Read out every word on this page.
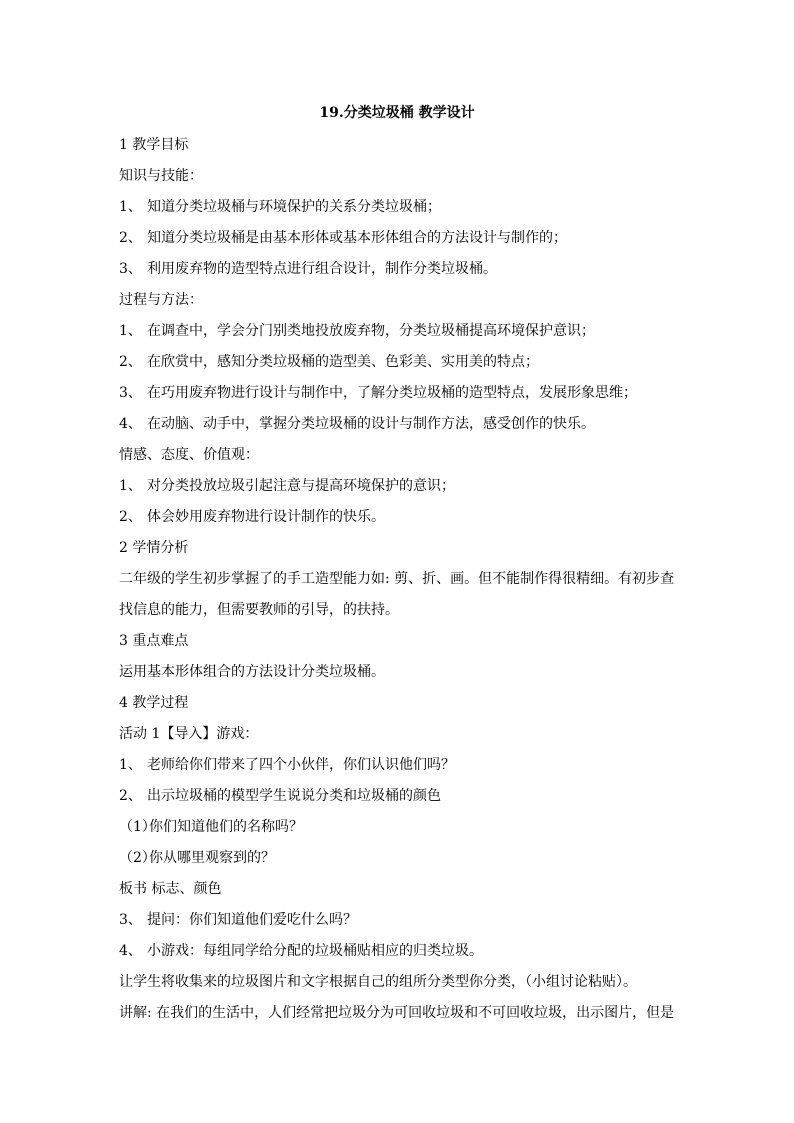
19.分类垃圾桶 教学设计
1 教学目标
知识与技能：
1、 知道分类垃圾桶与环境保护的关系分类垃圾桶；
2、 知道分类垃圾桶是由基本形体或基本形体组合的方法设计与制作的；
3、 利用废弃物的造型特点进行组合设计，制作分类垃圾桶。
过程与方法：
1、 在调查中，学会分门别类地投放废弃物，分类垃圾桶提高环境保护意识；
2、 在欣赏中，感知分类垃圾桶的造型美、色彩美、实用美的特点；
3、 在巧用废弃物进行设计与制作中，了解分类垃圾桶的造型特点，发展形象思维；
4、 在动脑、动手中，掌握分类垃圾桶的设计与制作方法，感受创作的快乐。
情感、态度、价值观：
1、 对分类投放垃圾引起注意与提高环境保护的意识；
2、 体会妙用废弃物进行设计制作的快乐。
2 学情分析
二年级的学生初步掌握了的手工造型能力如: 剪、折、画。但不能制作得很精细。有初步查
找信息的能力，但需要教师的引导，的扶持。
3 重点难点
运用基本形体组合的方法设计分类垃圾桶。
4 教学过程
活动 1【导入】游戏：
1、 老师给你们带来了四个小伙伴，你们认识他们吗？
2、 出示垃圾桶的模型学生说说分类和垃圾桶的颜色
（1）你们知道他们的名称吗？
（2）你从哪里观察到的？
板书 标志、颜色
3、 提问：你们知道他们爱吃什么吗？
4、 小游戏：每组同学给分配的垃圾桶贴相应的归类垃圾。
让学生将收集来的垃圾图片和文字根据自己的组所分类型你分类，（小组讨论粘贴）。
讲解: 在我们的生活中，人们经常把垃圾分为可回收垃圾和不可回收垃圾，出示图片，但是
